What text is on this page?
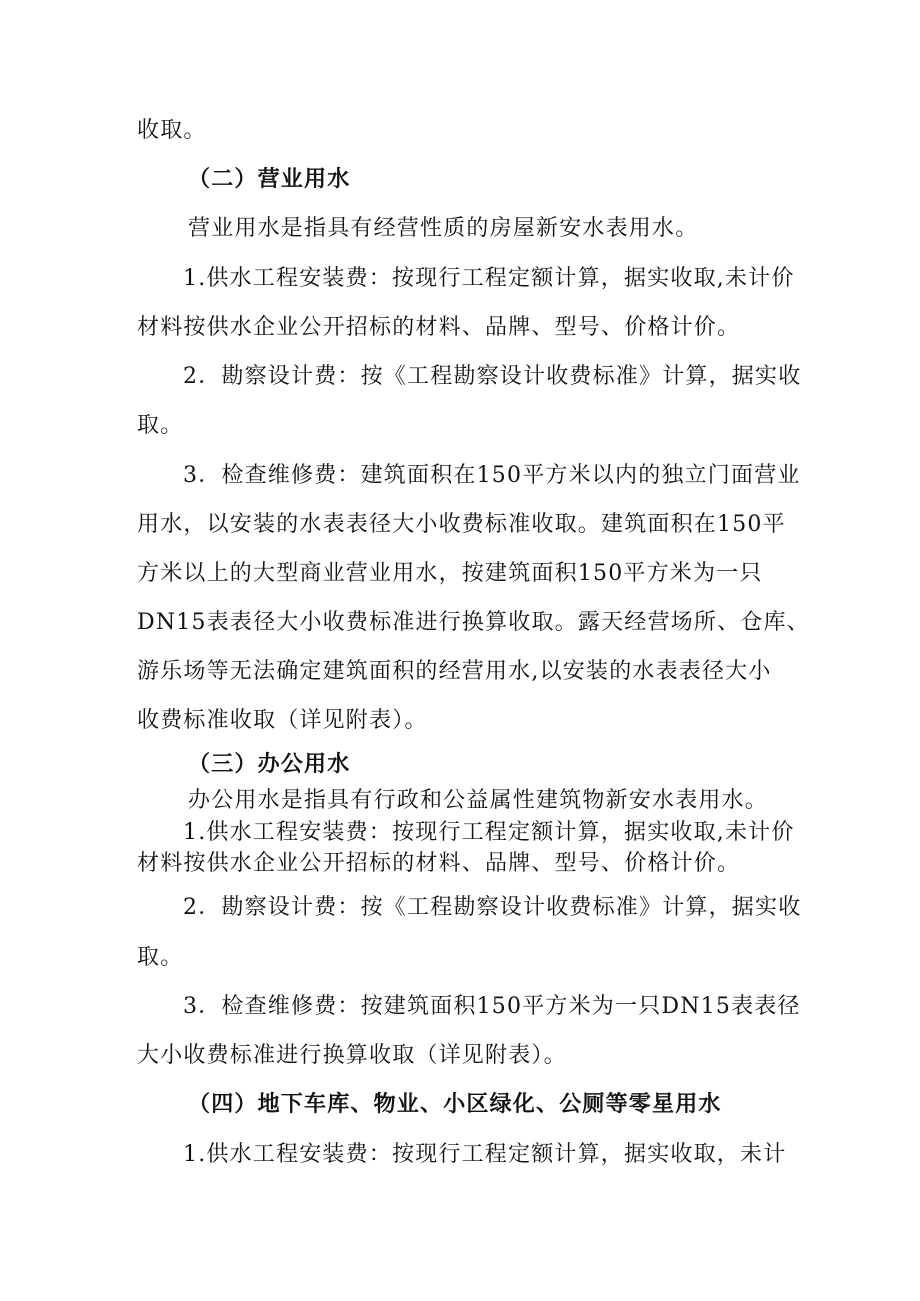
收取。
（二）营业用水
营业用水是指具有经营性质的房屋新安水表用水。
1.供水工程安装费：按现行工程定额计算，据实收取,未计价
材料按供水企业公开招标的材料、品牌、型号、价格计价。
2．勘察设计费：按《工程勘察设计收费标准》计算，据实收
取。
3．检查维修费：建筑面积在150平方米以内的独立门面营业
用水，以安装的水表表径大小收费标准收取。建筑面积在150平
方米以上的大型商业营业用水，按建筑面积150平方米为一只
DN15表表径大小收费标准进行换算收取。露天经营场所、仓库、
游乐场等无法确定建筑面积的经营用水,以安装的水表表径大小
收费标准收取（详见附表）。
（三）办公用水
办公用水是指具有行政和公益属性建筑物新安水表用水。
1.供水工程安装费：按现行工程定额计算，据实收取,未计价
材料按供水企业公开招标的材料、品牌、型号、价格计价。
2．勘察设计费：按《工程勘察设计收费标准》计算，据实收
取。
3．检查维修费：按建筑面积150平方米为一只DN15表表径
大小收费标准进行换算收取（详见附表）。
（四）地下车库、物业、小区绿化、公厕等零星用水
1.供水工程安装费：按现行工程定额计算，据实收取，未计
